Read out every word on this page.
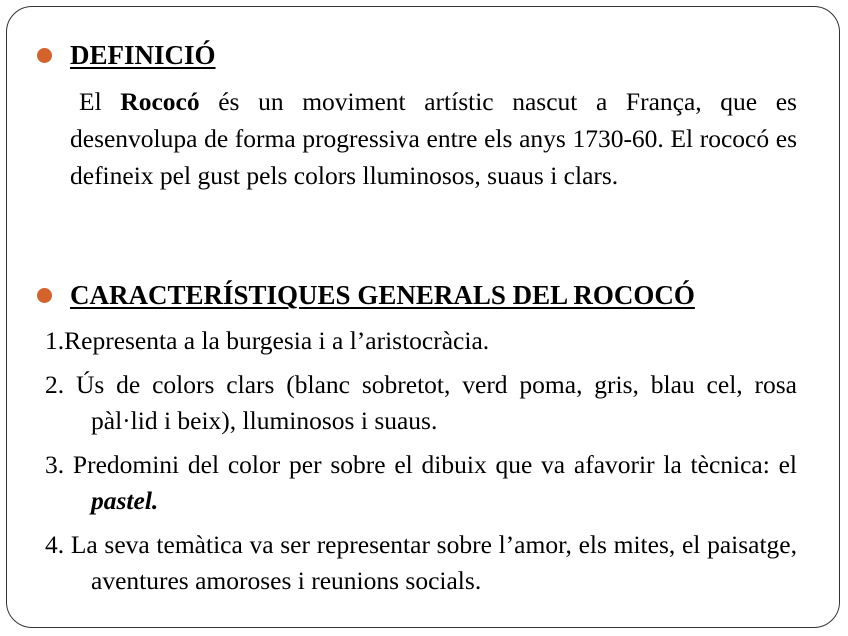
DEFINICIÓ
El Rococó és un moviment artístic nascut a França, que es desenvolupa de forma progressiva entre els anys 1730-60. El rococó es defineix pel gust pels colors lluminosos, suaus i clars.
CARACTERÍSTIQUES GENERALS DEL ROCOCÓ
1.Representa a la burgesia i a l’aristocràcia.
2. Ús de colors clars (blanc sobretot, verd poma, gris, blau cel, rosa pàl·lid i beix), lluminosos i suaus.
3. Predomini del color per sobre el dibuix que va afavorir la tècnica: el pastel.
4. La seva temàtica va ser representar sobre l’amor, els mites, el paisatge, aventures amoroses i reunions socials.
